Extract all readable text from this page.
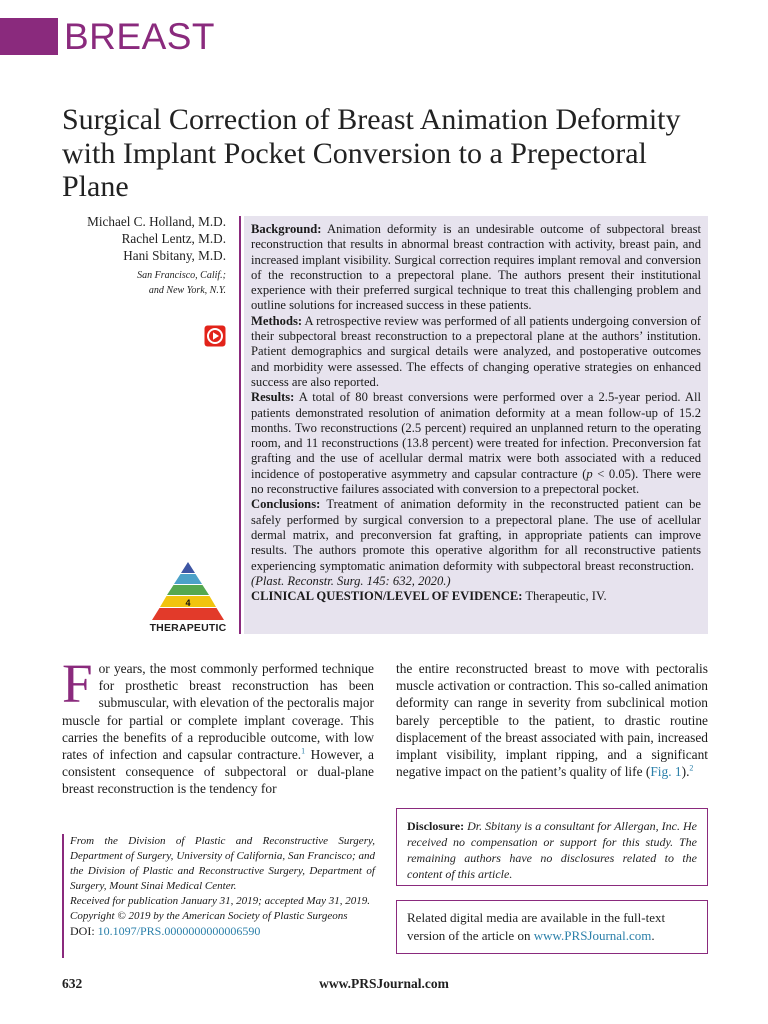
BREAST
Surgical Correction of Breast Animation Deformity with Implant Pocket Conversion to a Prepectoral Plane
Michael C. Holland, M.D.
Rachel Lentz, M.D.
Hani Sbitany, M.D.
San Francisco, Calif.;
and New York, N.Y.
4
THERAPEUTIC

Background: Animation deformity is an undesirable outcome of subpectoral breast reconstruction that results in abnormal breast contraction with activity, breast pain, and increased implant visibility. Surgical correction requires implant removal and conversion of the reconstruction to a prepectoral plane. The authors present their institutional experience with their preferred surgical technique to treat this challenging problem and outline solutions for increased success in these patients.

Methods: A retrospective review was performed of all patients undergoing conversion of their subpectoral breast reconstruction to a prepectoral plane at the authors’ institution. Patient demographics and surgical details were analyzed, and postoperative outcomes and morbidity were assessed. The effects of changing operative strategies on enhanced success are also reported.

Results: A total of 80 breast conversions were performed over a 2.5-year period. All patients demonstrated resolution of animation deformity at a mean follow-up of 15.2 months. Two reconstructions (2.5 percent) required an unplanned return to the operating room, and 11 reconstructions (13.8 percent) were treated for infection. Preconversion fat grafting and the use of acellular dermal matrix were both associated with a reduced incidence of postoperative asymmetry and capsular contracture (p < 0.05). There were no reconstructive failures associated with conversion to a prepectoral pocket.

Conclusions: Treatment of animation deformity in the reconstructed patient can be safely performed by surgical conversion to a prepectoral plane. The use of acellular dermal matrix, and preconversion fat grafting, in appropriate patients can improve results. The authors promote this operative algorithm for all reconstructive patients experiencing symptomatic animation deformity with subpectoral breast reconstruction.   (Plast. Reconstr. Surg. 145: 632, 2020.)

CLINICAL QUESTION/LEVEL OF EVIDENCE: Therapeutic, IV.

For years, the most commonly performed technique for prosthetic breast reconstruction has been submuscular, with elevation of the pectoralis major muscle for partial or complete implant coverage. This carries the benefits of a reproducible outcome, with low rates of infection and capsular contracture.$^1$ However, a consistent consequence of subpectoral or dual-plane breast reconstruction is the tendency for
the entire reconstructed breast to move with pectoralis muscle activation or contraction. This so-called animation deformity can range in severity from subclinical motion barely perceptible to the patient, to drastic routine displacement of the breast associated with pain, increased implant visibility, implant ripping, and a significant negative impact on the patient’s quality of life (Fig. 1).$^2$

From the Division of Plastic and Reconstructive Surgery, Department of Surgery, University of California, San Francisco; and the Division of Plastic and Reconstructive Surgery, Department of Surgery, Mount Sinai Medical Center.

Received for publication January 31, 2019; accepted May 31, 2019.

Copyright © 2019 by the American Society of Plastic Surgeons

DOI: 10.1097/PRS.0000000000006590

Disclosure: Dr. Sbitany is a consultant for Allergan, Inc. He received no compensation or support for this study. The remaining authors have no disclosures related to the content of this article.
Related digital media are available in the full-text version of the article on www.PRSJournal.com.
www.PRSJournal.com
632
